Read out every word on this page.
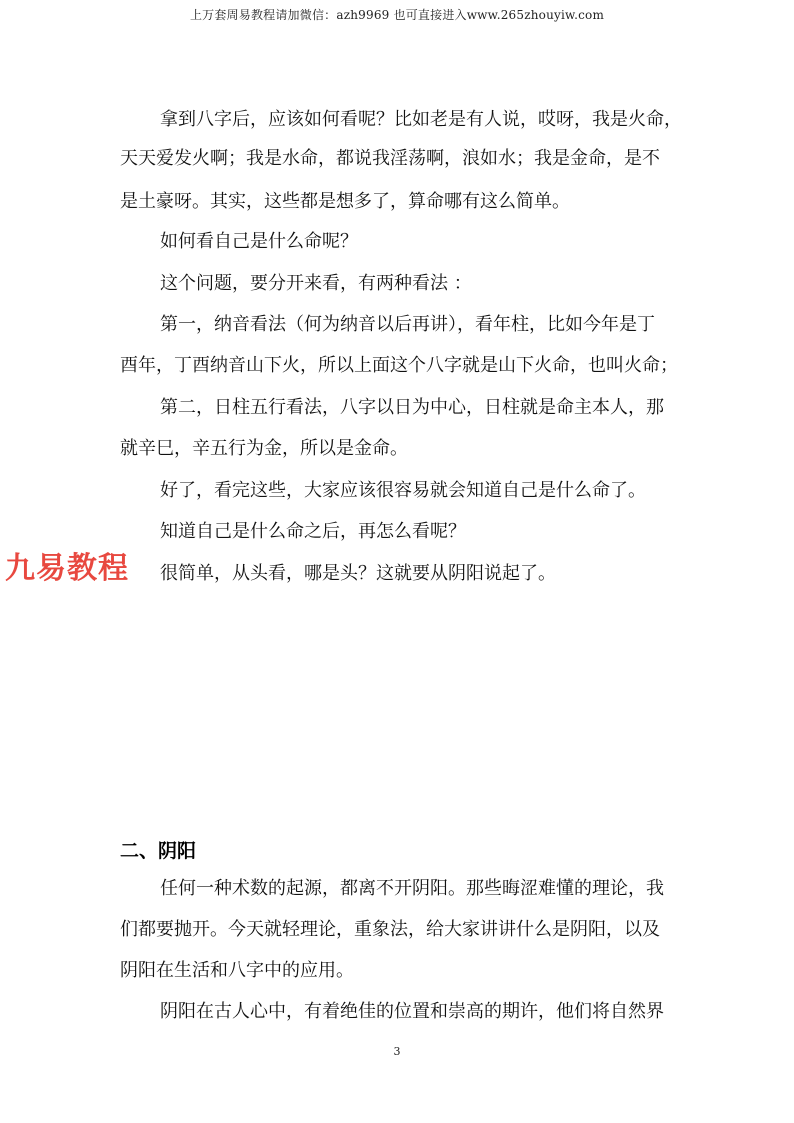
上万套周易教程请加微信：azh9969 也可直接进入www.265zhouyiw.com
拿到八字后，应该如何看呢？比如老是有人说，哎呀，我是火命，
天天爱发火啊；我是水命，都说我淫荡啊，浪如水；我是金命，是不
是土豪呀。其实，这些都是想多了，算命哪有这么简单。
如何看自己是什么命呢？
这个问题，要分开来看，有两种看法 ：
第一，纳音看法（何为纳音以后再讲），看年柱，比如今年是丁
酉年，丁酉纳音山下火，所以上面这个八字就是山下火命，也叫火命；
第二，日柱五行看法，八字以日为中心，日柱就是命主本人，那
就辛巳，辛五行为金，所以是金命。
好了，看完这些，大家应该很容易就会知道自己是什么命了。
知道自己是什么命之后，再怎么看呢？
很简单，从头看，哪是头？这就要从阴阳说起了。
九易教程
二、阴阳
任何一种术数的起源，都离不开阴阳。那些晦涩难懂的理论，我
们都要抛开。今天就轻理论，重象法，给大家讲讲什么是阴阳，以及
阴阳在生活和八字中的应用。
阴阳在古人心中，有着绝佳的位置和崇高的期许，他们将自然界
3
